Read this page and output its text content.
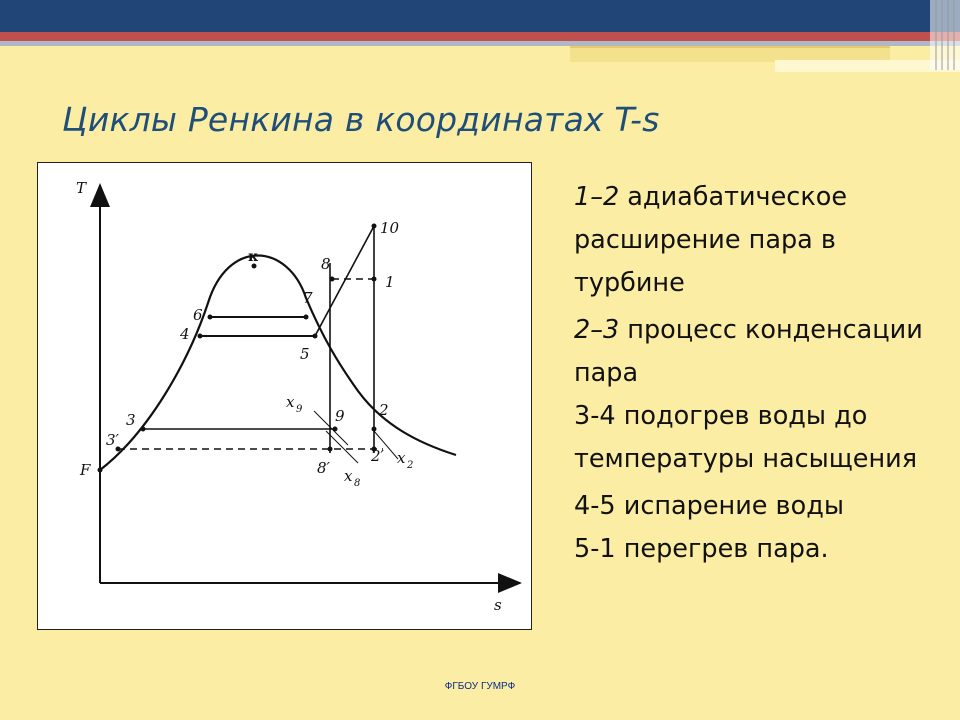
Циклы Ренкина в координатах T-s
T
s
к
F
3′
3
4
6
7
5
8
1
10
9 2
8′
2′
x 9
x 8
x 2
1–2 адиабатическое расширение пара в турбине
2–3 процесс конденсации пара
3-4 подогрев воды до температуры насыщения
4-5 испарение воды
5-1 перегрев пара.
ФГБОУ ГУМРФ
